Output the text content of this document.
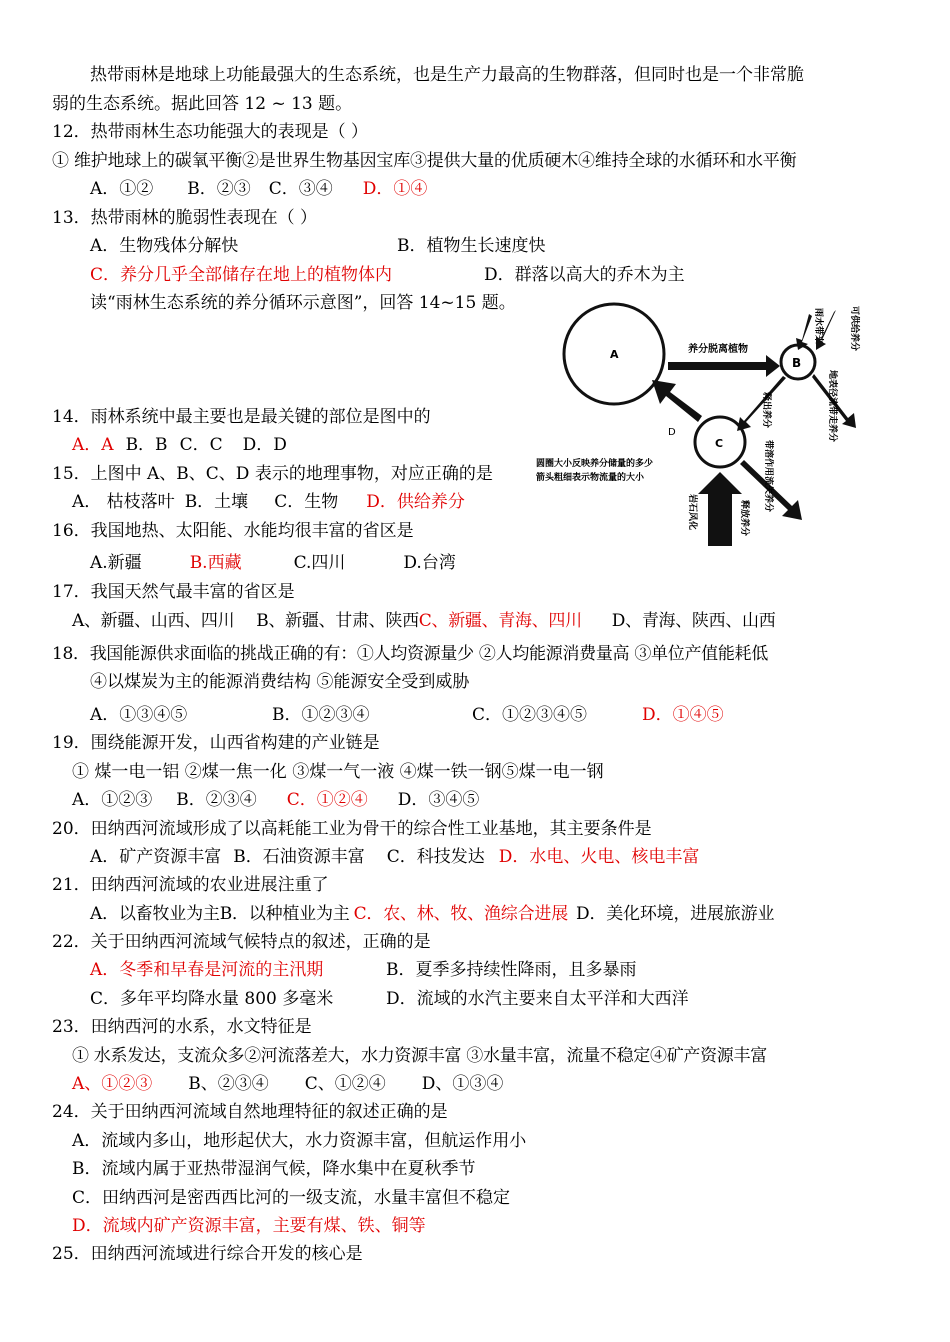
热带雨林是地球上功能最强大的生态系统，也是生产力最高的生物群落，但同时也是一个非常脆
弱的生态系统。据此回答 12 ~ 13 题。
12．热带雨林生态功能强大的表现是（ ）
① 维护地球上的碳氧平衡②是世界生物基因宝库③提供大量的优质硬木④维持全球的水循环和水平衡
A．①② B．②③ C．③④ D．①④
13．热带雨林的脆弱性表现在（ ）
A．生物残体分解快	B．植物生长速度快
C．养分几乎全部储存在地上的植物体内	D．群落以高大的乔木为主
读“雨林生态系统的养分循环示意图”，回答 14~15 题。
A
B
C
D
养分脱离植物
释出养分
雨水带来	可供给养分
地表径流带走养分
带溶作用流失养分
岩石风化	释放养分
圆圈大小反映养分储量的多少
箭头粗细表示物流量的大小
14．雨林系统中最主要也是最关键的部位是图中的
A．A B．B C．C D．D
15．上图中 A、B、C、D 表示的地理事物，对应正确的是
A． 枯枝落叶 B．土壤 C．生物 D．供给养分
16．我国地热、太阳能、水能均很丰富的省区是
A.新疆	B.西藏	C.四川	D.台湾
17．我国天然气最丰富的省区是
A、新疆、山西、四川 B、新疆、甘肃、陕西C、新疆、青海、四川 D、青海、陕西、山西
18．我国能源供求面临的挑战正确的有：①人均资源量少 ②人均能源消费量高 ③单位产值能耗低
④以煤炭为主的能源消费结构 ⑤能源安全受到威胁
A．①③④⑤	B．①②③④	C．①②③④⑤	D．①④⑤
19．围绕能源开发，山西省构建的产业链是
① 煤一电一铝 ②煤一焦一化 ③煤一气一液 ④煤一铁一钢⑤煤一电一钢
A．①②③ B．②③④ C．①②④ D．③④⑤
20．田纳西河流域形成了以高耗能工业为骨干的综合性工业基地，其主要条件是
A．矿产资源丰富 B．石油资源丰富 C．科技发达 D．水电、火电、核电丰富
21．田纳西河流域的农业进展注重了
A．以畜牧业为主B．以种植业为主 C．农、林、牧、渔综合进展 D．美化环境，进展旅游业
22．关于田纳西河流域气候特点的叙述，正确的是
A．冬季和早春是河流的主汛期	B．夏季多持续性降雨，且多暴雨
C．多年平均降水量 800 多毫米	D．流域的水汽主要来自太平洋和大西洋
23．田纳西河的水系，水文特征是
① 水系发达，支流众多②河流落差大，水力资源丰富 ③水量丰富，流量不稳定④矿产资源丰富
A、①②③ B、②③④ C、①②④ D、①③④
24．关于田纳西河流域自然地理特征的叙述正确的是
A．流域内多山，地形起伏大，水力资源丰富，但航运作用小
B．流域内属于亚热带湿润气候，降水集中在夏秋季节
C．田纳西河是密西西比河的一级支流，水量丰富但不稳定
D．流域内矿产资源丰富，主要有煤、铁、铜等
25．田纳西河流域进行综合开发的核心是
